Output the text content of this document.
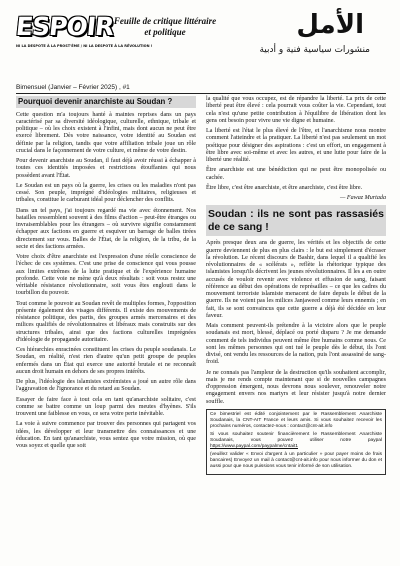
ESPOIR
NI LA DESPOTE À LA PROST'ÉME / NI LA DESPOTE À LA RÉVOLUTION !
Feuille de critique littéraire et politique	الأمل
منشورات سياسية فنية و أدبية
Bimensuel (Janvier – Février 2025) , #1
Pourquoi devenir anarchiste au Soudan ?

Cette question m'a toujours hanté à maintes reprises dans un pays caractérisé par sa diversité idéologique, culturelle, ethnique, tribale et politique – où les choix existent à l'infini, mais dont aucun ne peut être exercé librement. Dès votre naissance, votre identité au Soudan est définie par la religion, tandis que votre affiliation tribale joue un rôle crucial dans le façonnement de votre culture, et même de votre destin.

Pour devenir anarchiste au Soudan, il faut déjà avoir réussi à échapper à toutes ces identités imposées et restrictions étouffantes qui nous possèdent avant l'État.

Le Soudan est un pays où la guerre, les crises ou les maladies n'ont pas cessé. Son peuple, imprégné d'idéologies militaires, religieuses et tribales, constitue le carburant idéal pour déclencher des conflits.

Dans un tel pays, j'ai toujours regardé ma vie avec étonnement. Nos batailles ressemblent souvent à des films d'action – peut-être étranges ou invraisemblables pour les étrangers – où survivre signifie constamment échapper aux factions en guerre et esquiver un barrage de balles tirées directement sur vous. Balles de l'État, de la religion, de la tribu, de la secte et des factions armées.

Votre choix d'être anarchiste est l'expression d'une réelle conscience de l'échec de ces systèmes. C'est une prise de conscience qui vous pousse aux limites extrêmes de la lutte pratique et de l'expérience humaine profonde. Cette voie ne mène qu'à deux résultats : soit vous restez une véritable résistance révolutionnaire, soit vous êtes englouti dans le tourbillon du pouvoir.

Tout comme le pouvoir au Soudan revêt de multiples formes, l'opposition présente également des visages différents. Il existe des mouvements de résistance politique, des partis, des groupes armés mercenaires et des milices qualifiés de révolutionnaires et libéraux mais construits sur des structures tribales, ainsi que des factions culturelles imprégnées d'idéologie de propagande autoritaire.

Ces hiérarchies enracinées constituent les crises du peuple soudanais. Le Soudan, en réalité, n'est rien d'autre qu'un petit groupe de peuples enfermés dans un État qui exerce une autorité brutale et ne reconnaît aucun droit humain en dehors de ses propres intérêts.

De plus, l'idéologie des islamistes extrémistes a joué un autre rôle dans l'aggravation de l'ignorance et du retard au Soudan.

Essayer de faire face à tout cela en tant qu'anarchiste solitaire, c'est comme se battre comme un loup parmi des meutes d'hyènes. S'ils trouvent une faiblesse en vous, ce sera votre perte inévitable.

La voie à suivre commence par trouver des personnes qui partagent vos idées, les développer et leur transmettre des connaissances et une éducation. En tant qu'anarchiste, vous sentez que votre mission, où que vous soyez et quelle que soit

la qualité que vous occupez, est de répandre la liberté. La prix de cette liberté peut être élevé : cela pourrait vous coûter la vie. Cependant, tout cela n'est qu'une petite contribution à l'équilibre de libération dont les gens ont besoin pour vivre une vie digne et humaine.

La liberté est l'état le plus élevé de l'être, et l'anarchisme nous montre comment l'atteindre et la pratiquer. La liberté n'est pas seulement un mot poétique pour désigner des aspirations : c'est un effort, un engagement à être libre avec soi-même et avec les autres, et une lutte pour faire de la liberté une réalité.

Être anarchiste est une bénédiction qui ne peut être monopolisée ou cachée.

Être libre, c'est être anarchiste, et être anarchiste, c'est être libre.

— Fawaz Murtada

Soudan : ils ne sont pas rassasiés de ce sang !

Après presque deux ans de guerre, les vérités et les objectifs de cette guerre deviennent de plus en plus clairs : le but est simplement d'écraser la révolution. Le récent discours de Bashir, dans lequel il a qualifié les révolutionnaires de « scélérats », reflète la rhétorique typique des islamistes lorsqu'ils décrivent les jeunes révolutionnaires. Il les a en outre accusés de vouloir revenir avec violence et effusion de sang, faisant référence au début des opérations de représailles – ce que les cadres du mouvement terroriste islamiste menacent de faire depuis le début de la guerre. Ils ne voient pas les milices Janjaweed comme leurs ennemis ; en fait, ils se sont convaincus que cette guerre a déjà été décidée en leur faveur.

Mais comment peuvent-ils prétendre à la victoire alors que le peuple soudanais est mort, blessé, déplacé ou porté disparu ? Je me demande comment de tels individus peuvent même être humains comme nous. Ce sont les mêmes personnes qui ont tué le peuple dès le début, ils l'ont divisé, ont vendu les ressources de la nation, puis l'ont assassiné de sang-froid.

Je ne connais pas l'ampleur de la destruction qu'ils souhaitent accomplir, mais je me rends compte maintenant que si de nouvelles campagnes d'oppression émergent, nous devrons nous soulever, renouveler notre engagement envers nos martyrs et leur résister jusqu'à notre dernier souffle.

Ce bimestriel est édité conjointement par le Rassemblement Anarchiste Soudanais, la CNT-AIT France et leurs amis. Si vous souhaitez recevoir les prochains numéros, contactez-nous : contact@cnt-ait.info

Si vous souhaitez soutenir financièrement le Rassemblement Anarchiste Soudanais, vous pouvez utiliser notre paypal https://www.paypal.com/paypalme/cntait1

(veuillez valider « Envoi d'argent à un particulier » pour payer moins de frais bancaires) Envoyez un mail à contact@cnt-ait.info pour nous informer du don et aussi pour que nous puissions vous tenir informé de son utilisation.
